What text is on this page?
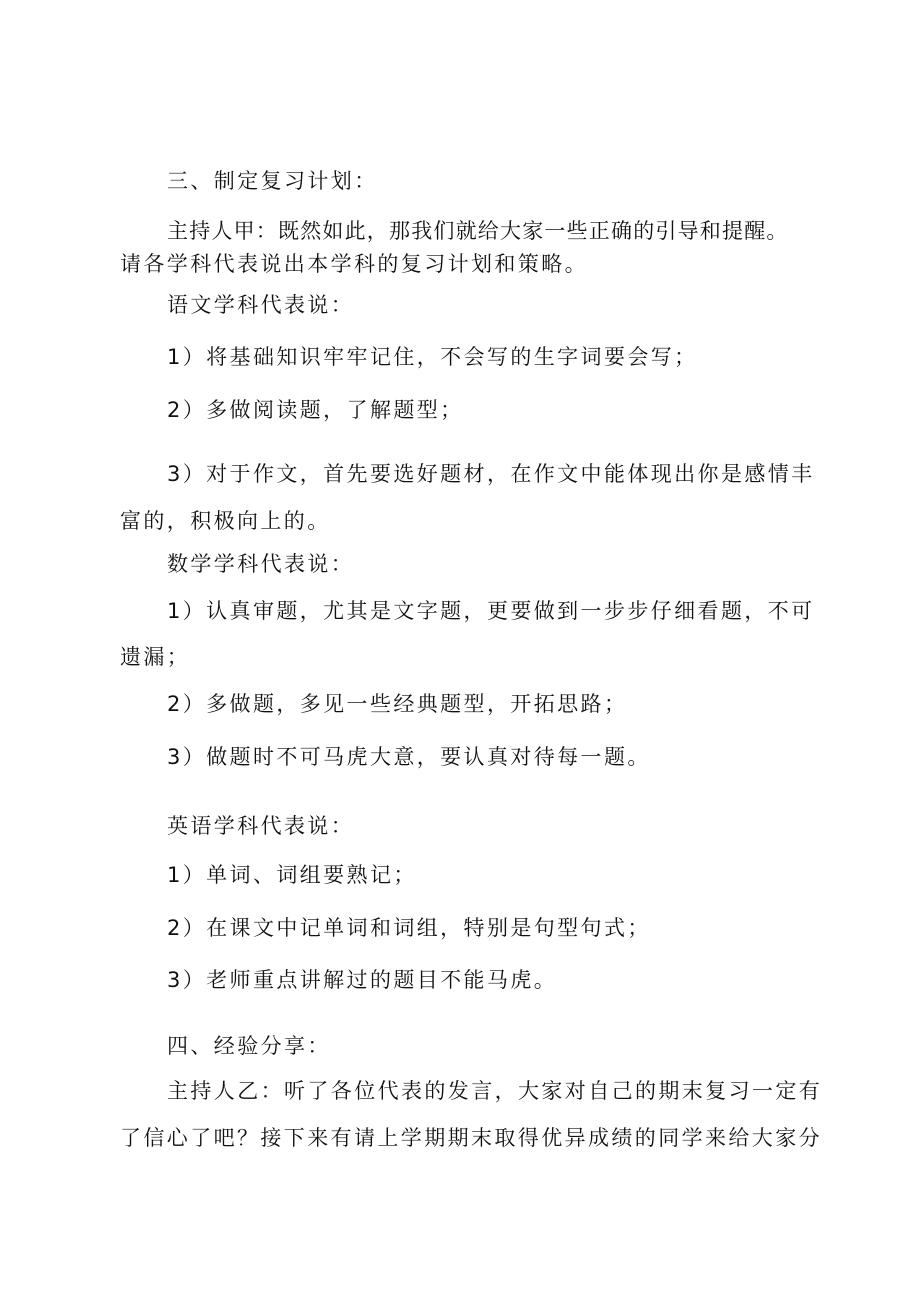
三、制定复习计划：
主持人甲：既然如此，那我们就给大家一些正确的引导和提醒。
请各学科代表说出本学科的复习计划和策略。
语文学科代表说：
1）将基础知识牢牢记住，不会写的生字词要会写；
2）多做阅读题，了解题型；
3）对于作文，首先要选好题材，在作文中能体现出你是感情丰
富的，积极向上的。
数学学科代表说：
1）认真审题，尤其是文字题，更要做到一步步仔细看题，不可
遗漏；
2）多做题，多见一些经典题型，开拓思路；
3）做题时不可马虎大意，要认真对待每一题。
英语学科代表说：
1）单词、词组要熟记；
2）在课文中记单词和词组，特别是句型句式；
3）老师重点讲解过的题目不能马虎。
四、经验分享：
主持人乙：听了各位代表的发言，大家对自己的期末复习一定有
了信心了吧？接下来有请上学期期末取得优异成绩的同学来给大家分
